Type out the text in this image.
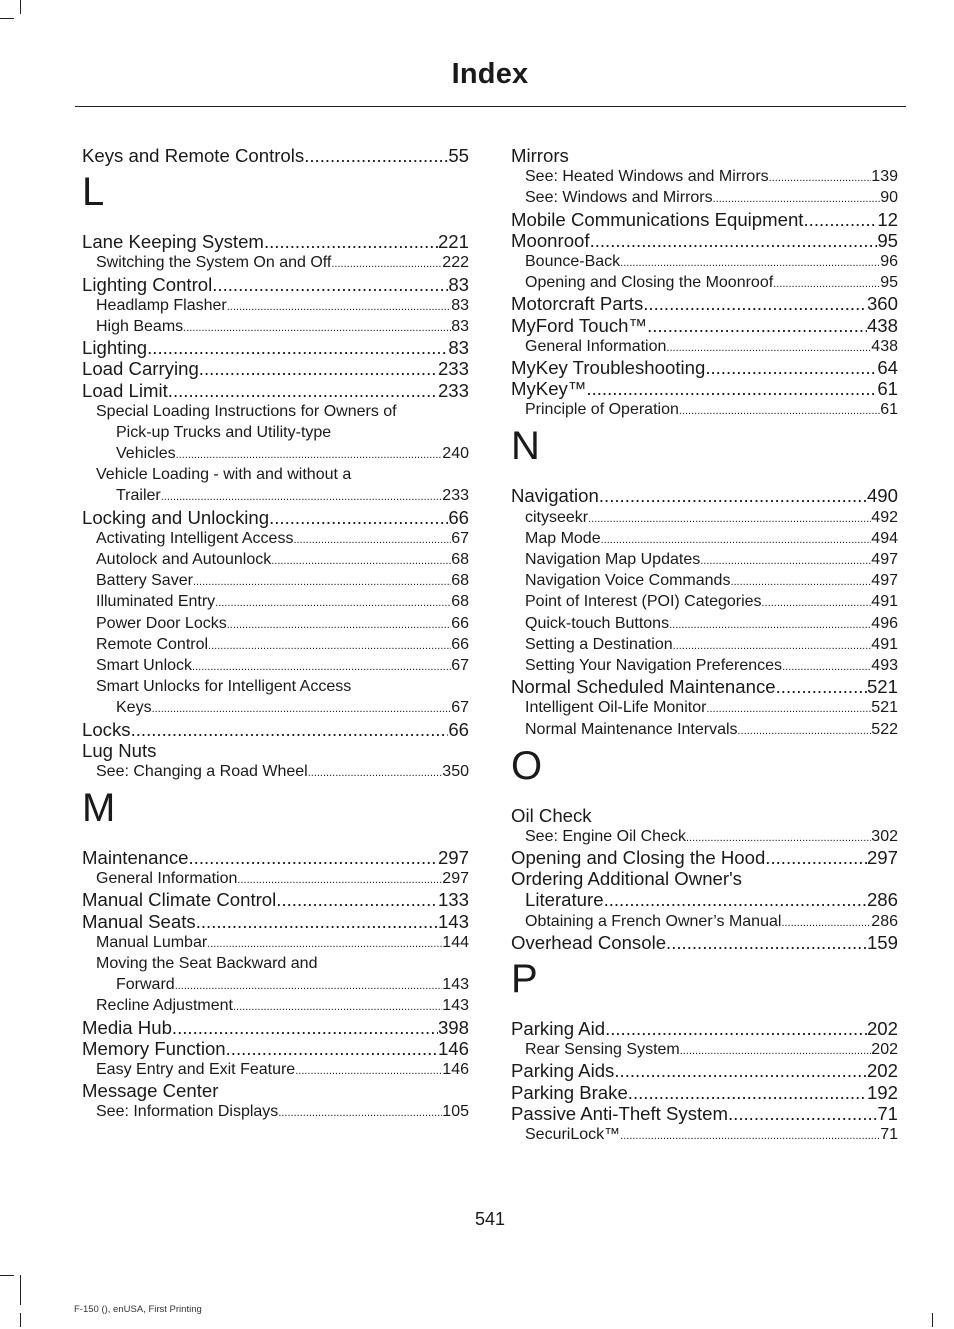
Index
Keys and Remote Controls .....	55
L
Lane Keeping System .....	221
Switching the System On and Off .....	222
Lighting Control .....	83
Headlamp Flasher .....	83
High Beams .....	83
Lighting .....	83
Load Carrying .....	233
Load Limit .....	233
Special Loading Instructions for Owners of
Pick-up Trucks and Utility-type
Vehicles .....	240
Vehicle Loading - with and without a
Trailer .....	233
Locking and Unlocking .....	66
Activating Intelligent Access .....	67
Autolock and Autounlock .....	68
Battery Saver .....	68
Illuminated Entry .....	68
Power Door Locks .....	66
Remote Control .....	66
Smart Unlock .....	67
Smart Unlocks for Intelligent Access
Keys .....	67
Locks .....	66
Lug Nuts
See: Changing a Road Wheel .....	350
M
Maintenance .....	297
General Information .....	297
Manual Climate Control .....	133
Manual Seats .....	143
Manual Lumbar .....	144
Moving the Seat Backward and
Forward .....	143
Recline Adjustment .....	143
Media Hub .....	398
Memory Function .....	146
Easy Entry and Exit Feature .....	146
Message Center
See: Information Displays .....	105
Mirrors
See: Heated Windows and Mirrors .....	139
See: Windows and Mirrors .....	90
Mobile Communications Equipment .....	12
Moonroof .....	95
Bounce-Back .....	96
Opening and Closing the Moonroof .....	95
Motorcraft Parts .....	360
MyFord Touch™ .....	438
General Information .....	438
MyKey Troubleshooting .....	64
MyKey™ .....	61
Principle of Operation .....	61
N
Navigation .....	490
cityseekr .....	492
Map Mode .....	494
Navigation Map Updates .....	497
Navigation Voice Commands .....	497
Point of Interest (POI) Categories .....	491
Quick-touch Buttons .....	496
Setting a Destination .....	491
Setting Your Navigation Preferences .....	493
Normal Scheduled Maintenance .....	521
Intelligent Oil-Life Monitor .....	521
Normal Maintenance Intervals .....	522
O
Oil Check
See: Engine Oil Check .....	302
Opening and Closing the Hood .....	297
Ordering Additional Owner's
Literature .....	286
Obtaining a French Owner’s Manual .....	286
Overhead Console .....	159
P
Parking Aid .....	202
Rear Sensing System .....	202
Parking Aids .....	202
Parking Brake .....	192
Passive Anti-Theft System .....	71
SecuriLock™ .....	71
541
F-150 (), enUSA, First Printing
